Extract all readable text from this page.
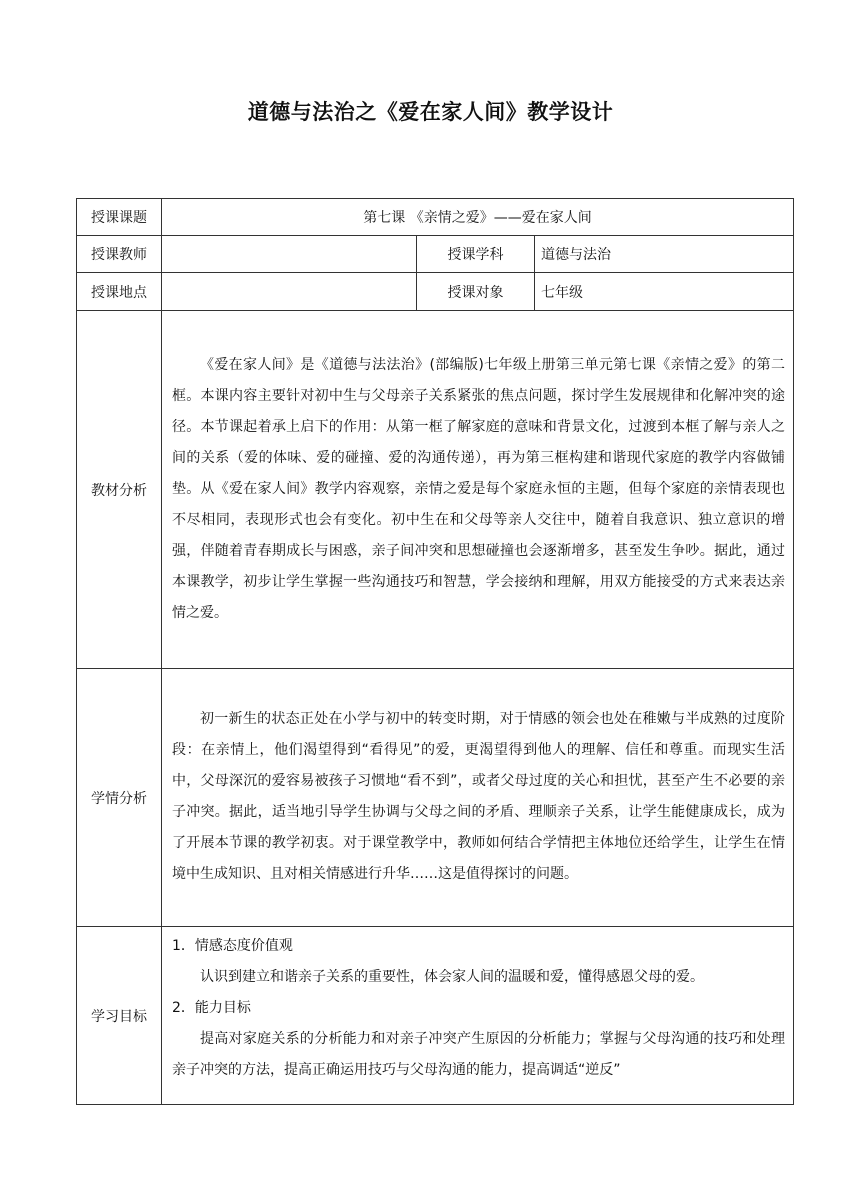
道德与法治之《爱在家人间》教学设计
授课课题	第七课 《亲情之爱》——爱在家人间		
授课教师		授课学科	道德与法治
授课地点		授课对象	七年级
教材分析	《爱在家人间》是《道德与法法治》(部编版)七年级上册第三单元第七课《亲情之爱》的第二框。本课内容主要针对初中生与父母亲子关系紧张的焦点问题，探讨学生发展规律和化解冲突的途径。本节课起着承上启下的作用：从第一框了解家庭的意味和背景文化，过渡到本框了解与亲人之间的关系（爱的体味、爱的碰撞、爱的沟通传递），再为第三框构建和谐现代家庭的教学内容做铺垫。从《爱在家人间》教学内容观察，亲情之爱是每个家庭永恒的主题，但每个家庭的亲情表现也不尽相同，表现形式也会有变化。初中生在和父母等亲人交往中，随着自我意识、独立意识的增强，伴随着青春期成长与困惑，亲子间冲突和思想碰撞也会逐渐增多，甚至发生争吵。据此，通过本课教学，初步让学生掌握一些沟通技巧和智慧，学会接纳和理解，用双方能接受的方式来表达亲情之爱。		

学情分析	初一新生的状态正处在小学与初中的转变时期，对于情感的领会也处在稚嫩与半成熟的过度阶段：在亲情上，他们渴望得到“看得见”的爱，更渴望得到他人的理解、信任和尊重。而现实生活中，父母深沉的爱容易被孩子习惯地“看不到”，或者父母过度的关心和担忧，甚至产生不必要的亲子冲突。据此，适当地引导学生协调与父母之间的矛盾、理顺亲子关系，让学生能健康成长，成为了开展本节课的教学初衷。对于课堂教学中，教师如何结合学情把主体地位还给学生，让学生在情境中生成知识、且对相关情感进行升华……这是值得探讨的问题。		

学习目标	1．情感态度价值观

认识到建立和谐亲子关系的重要性，体会家人间的温暖和爱，懂得感恩父母的爱。

2．能力目标

提高对家庭关系的分析能力和对亲子冲突产生原因的分析能力；掌握与父母沟通的技巧和处理亲子冲突的方法，提高正确运用技巧与父母沟通的能力，提高调适“逆反”		
